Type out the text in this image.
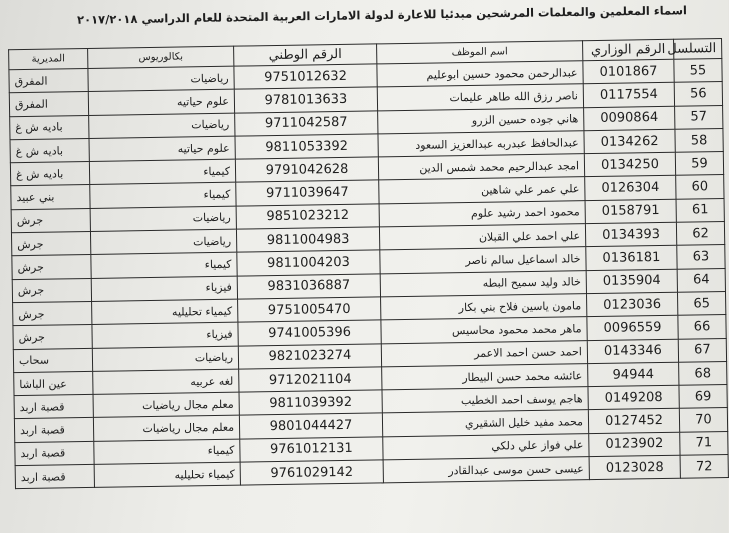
اسماء المعلمين والمعلمات المرشحين مبدئيا للاعارة لدولة الامارات العربية المتحدة للعام الدراسي ٢٠١٧/٢٠١٨
التسلسل	الرقم الوزاري	اسم الموظف	الرقم الوطني	بكالوريوس	المديرية
55	0101867	عبدالرحمن محمود حسين ابوعليم	9751012632	رياضيات	المفرق
56	0117554	ناصر رزق الله طاهر عليمات	9781013633	علوم حياتيه	المفرق
57	0090864	هاني جوده حسين الزرو	9711042587	رياضيات	باديه ش غ
58	0134262	عبدالحافظ عبدربه عبدالعزيز السعود	9811053392	علوم حياتيه	باديه ش غ
59	0134250	امجد عبدالرحيم محمد شمس الدين	9791042628	كيمياء	باديه ش غ
60	0126304	علي عمر علي شاهين	9711039647	كيمياء	بني عبيد
61	0158791	محمود احمد رشيد علوم	9851023212	رياضيات	جرش
62	0134393	علي احمد علي القبلان	9811004983	رياضيات	جرش
63	0136181	خالد اسماعيل سالم ناصر	9811004203	كيمياء	جرش
64	0135904	خالد وليد سميح البطه	9831036887	فيزياء	جرش
65	0123036	مامون ياسين فلاح بني بكار	9751005470	كيمياء تحليليه	جرش
66	0096559	ماهر محمد محمود محاسيس	9741005396	فيزياء	جرش
67	0143346	احمد حسن احمد الاعمر	9821023274	رياضيات	سحاب
68	94944	عائشه محمد حسن البيطار	9712021104	لغه عربيه	عين الباشا
69	0149208	هاجم يوسف احمد الخطيب	9811039392	معلم مجال رياضيات	قصبة اربد
70	0127452	محمد مفيد خليل الشقيري	9801044427	معلم مجال رياضيات	قصبة اربد
71	0123902	علي فواز علي دلكي	9761012131	كيمياء	قصبة اربد
72	0123028	عيسى حسن موسى عبدالقادر	9761029142	كيمياء تحليليه	قصبة اربد
